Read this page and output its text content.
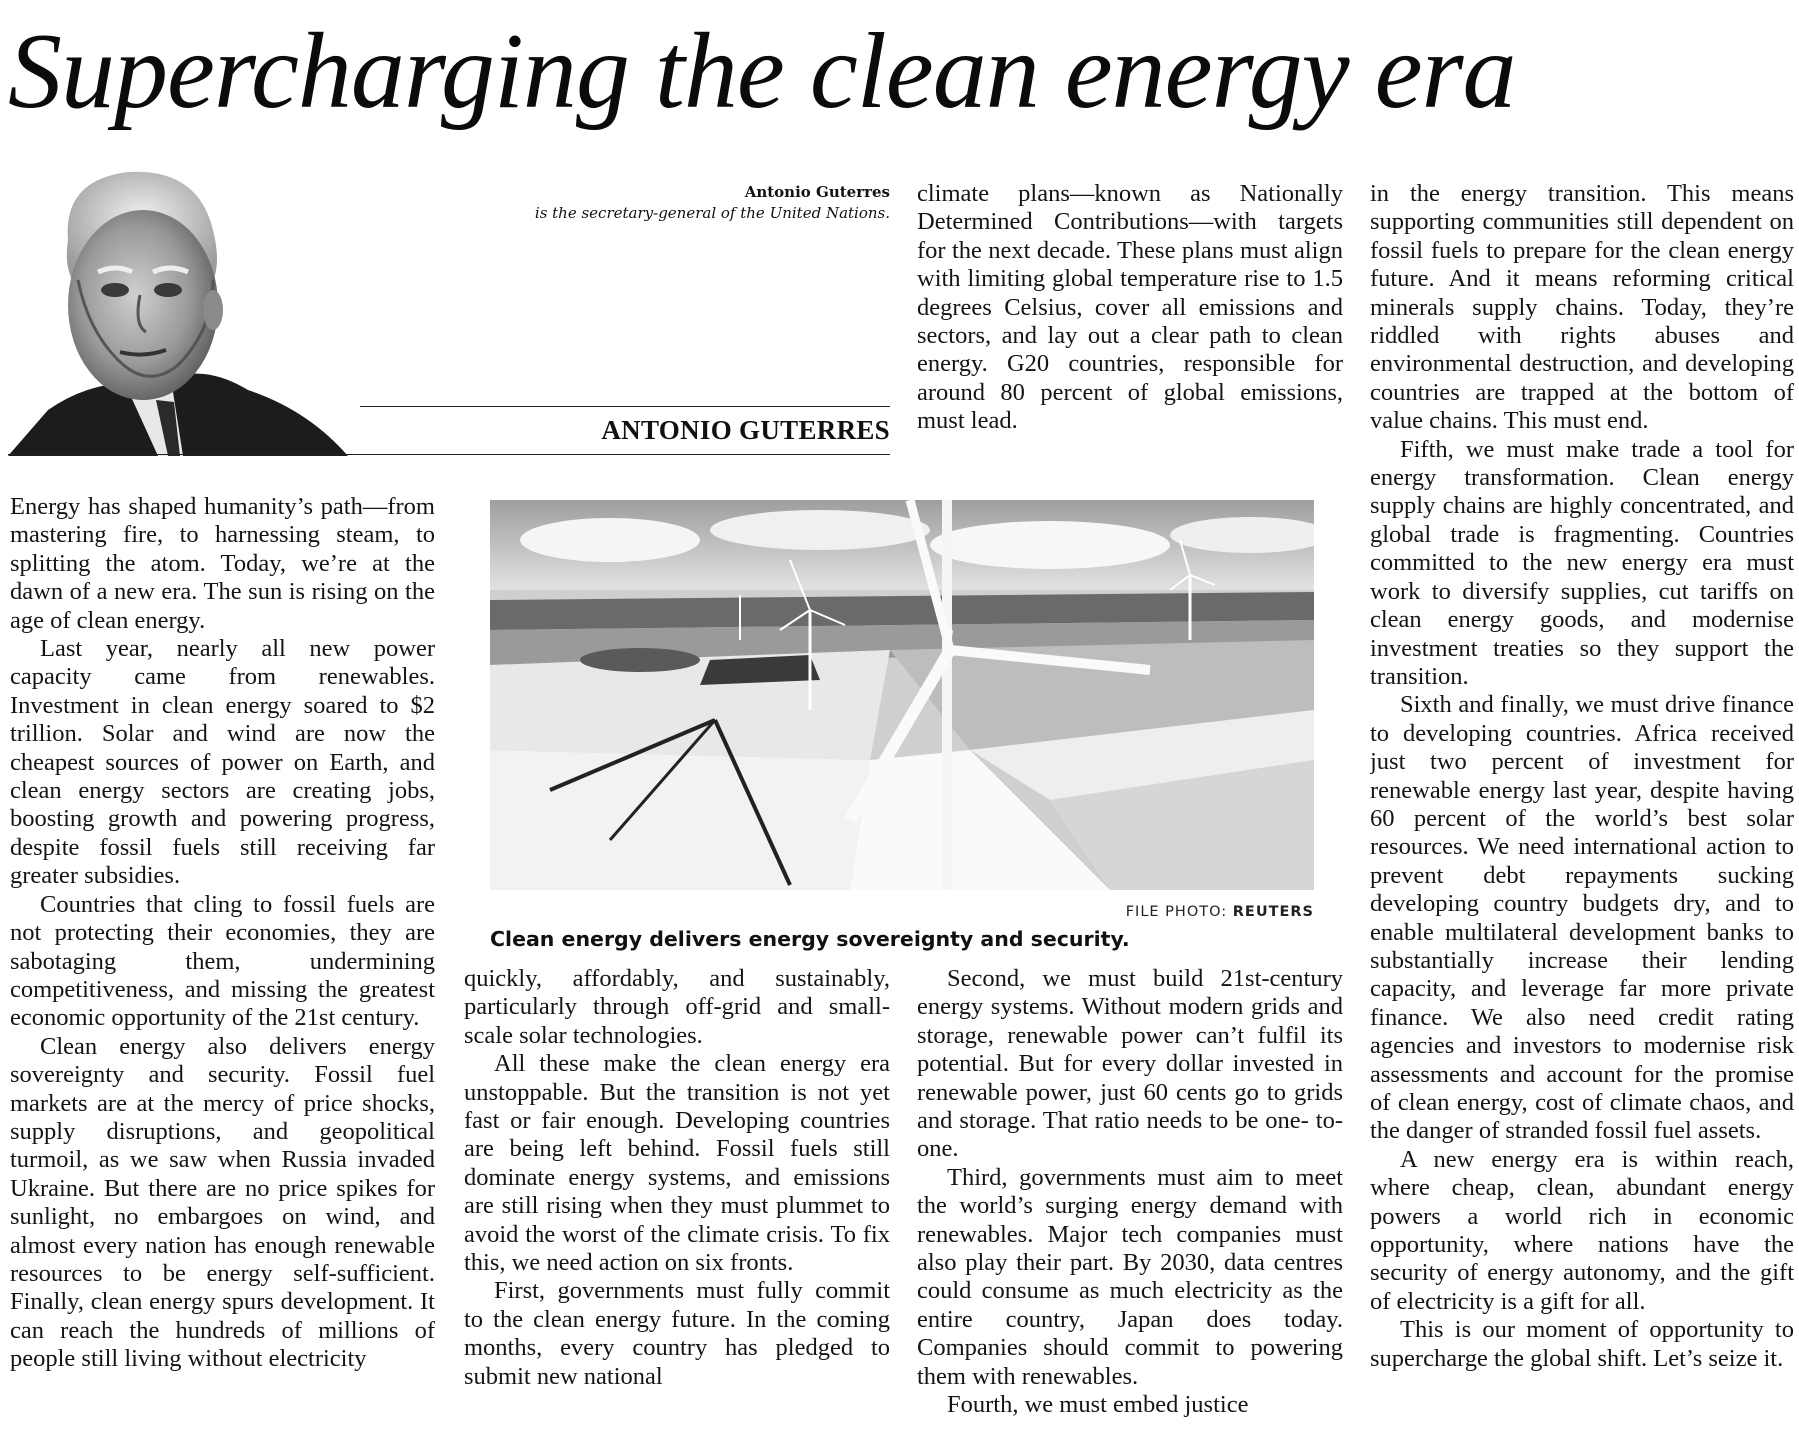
Supercharging the clean energy era
Antonio Guterres
is the secretary-general of the United Nations.
ANTONIO GUTERRES

Energy has shaped humanity’s path—from mastering fire, to harnessing steam, to splitting the atom. Today, we’re at the dawn of a new era. The sun is rising on the age of clean energy.

Last year, nearly all new power capacity came from renewables. Investment in clean energy soared to $2 trillion. Solar and wind are now the cheapest sources of power on Earth, and clean energy sectors are creating jobs, boosting growth and powering progress, despite fossil fuels still receiving far greater subsidies.

Countries that cling to fossil fuels are not protecting their economies, they are sabotaging them, undermining competitiveness, and missing the greatest economic opportunity of the 21st century.

Clean energy also delivers energy sovereignty and security. Fossil fuel markets are at the mercy of price shocks, supply disruptions, and geopolitical turmoil, as we saw when Russia invaded Ukraine. But there are no price spikes for sunlight, no embargoes on wind, and almost every nation has enough renewable resources to be energy self-sufficient. Finally, clean energy spurs development. It can reach the hundreds of millions of people still living without electricity

climate plans—known as Nationally Determined Contributions—with targets for the next decade. These plans must align with limiting global temperature rise to 1.5 degrees Celsius, cover all emissions and sectors, and lay out a clear path to clean energy. G20 countries, responsible for around 80 percent of global emissions, must lead.

FILE PHOTO: REUTERS
Clean energy delivers energy sovereignty and security.

quickly, affordably, and sustainably, particularly through off-grid and small-scale solar technologies.

All these make the clean energy era unstoppable. But the transition is not yet fast or fair enough. Developing countries are being left behind. Fossil fuels still dominate energy systems, and emissions are still rising when they must plummet to avoid the worst of the climate crisis. To fix this, we need action on six fronts.

First, governments must fully commit to the clean energy future. In the coming months, every country has pledged to submit new national

Second, we must build 21st-century energy systems. Without modern grids and storage, renewable power can’t fulfil its potential. But for every dollar invested in renewable power, just 60 cents go to grids and storage. That ratio needs to be one- to-one.

Third, governments must aim to meet the world’s surging energy demand with renewables. Major tech companies must also play their part. By 2030, data centres could consume as much electricity as the entire country, Japan does today. Companies should commit to powering them with renewables.

Fourth, we must embed justice

in the energy transition. This means supporting communities still dependent on fossil fuels to prepare for the clean energy future. And it means reforming critical minerals supply chains. Today, they’re riddled with rights abuses and environmental destruction, and developing countries are trapped at the bottom of value chains. This must end.

Fifth, we must make trade a tool for energy transformation. Clean energy supply chains are highly concentrated, and global trade is fragmenting. Countries committed to the new energy era must work to diversify supplies, cut tariffs on clean energy goods, and modernise investment treaties so they support the transition.

Sixth and finally, we must drive finance to developing countries. Africa received just two percent of investment for renewable energy last year, despite having 60 percent of the world’s best solar resources. We need international action to prevent debt repayments sucking developing country budgets dry, and to enable multilateral development banks to substantially increase their lending capacity, and leverage far more private finance. We also need credit rating agencies and investors to modernise risk assessments and account for the promise of clean energy, cost of climate chaos, and the danger of stranded fossil fuel assets.

A new energy era is within reach, where cheap, clean, abundant energy powers a world rich in economic opportunity, where nations have the security of energy autonomy, and the gift of electricity is a gift for all.

This is our moment of opportunity to supercharge the global shift. Let’s seize it.
